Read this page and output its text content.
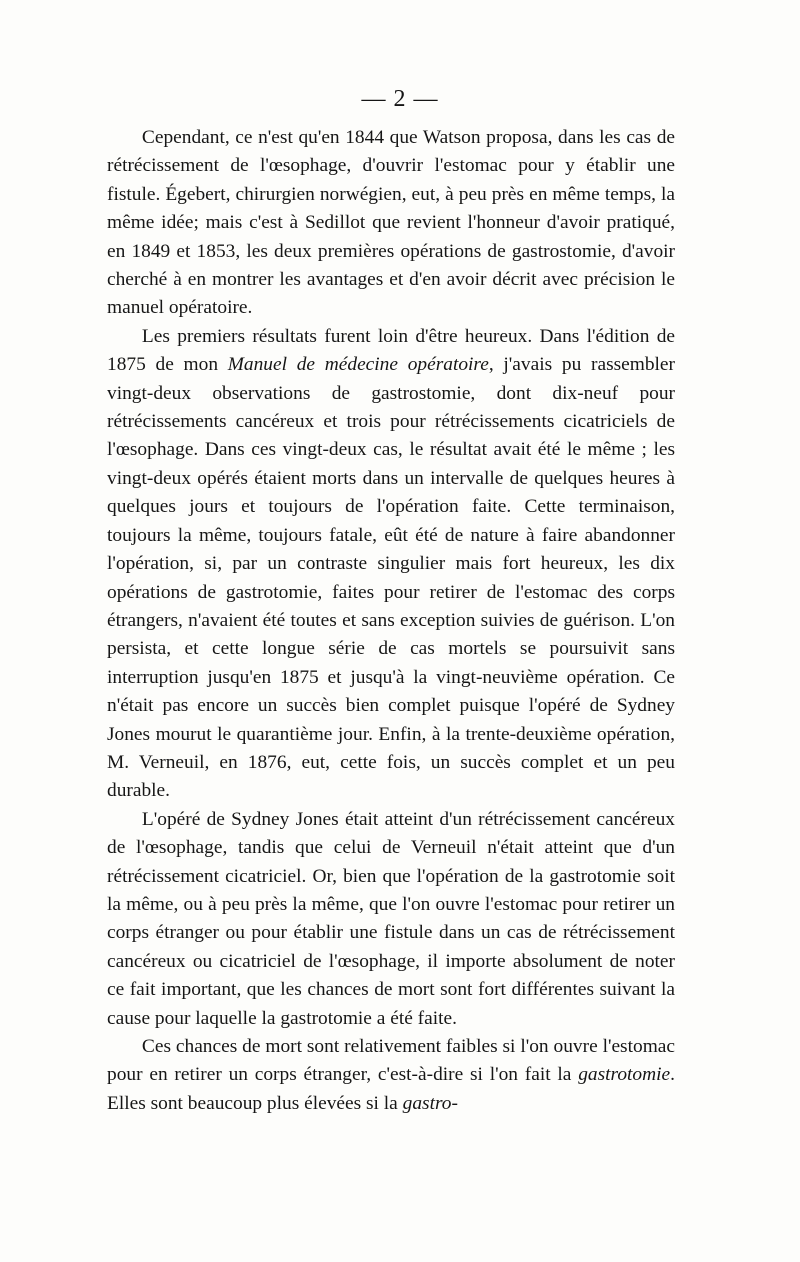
— 2 —

Cependant, ce n'est qu'en 1844 que Watson proposa, dans les cas de rétrécissement de l'œsophage, d'ouvrir l'estomac pour y établir une fistule. Égebert, chirurgien norwégien, eut, à peu près en même temps, la même idée; mais c'est à Sedillot que revient l'honneur d'avoir pratiqué, en 1849 et 1853, les deux premières opérations de gastrostomie, d'avoir cherché à en montrer les avantages et d'en avoir décrit avec précision le manuel opératoire.

Les premiers résultats furent loin d'être heureux. Dans l'édition de 1875 de mon Manuel de médecine opératoire, j'avais pu rassembler vingt-deux observations de gastrostomie, dont dix-neuf pour rétrécissements cancéreux et trois pour rétrécissements cicatriciels de l'œsophage. Dans ces vingt-deux cas, le résultat avait été le même ; les vingt-deux opérés étaient morts dans un intervalle de quelques heures à quelques jours et toujours de l'opération faite. Cette terminaison, toujours la même, toujours fatale, eût été de nature à faire abandonner l'opération, si, par un contraste singulier mais fort heureux, les dix opérations de gastrotomie, faites pour retirer de l'estomac des corps étrangers, n'avaient été toutes et sans exception suivies de guérison. L'on persista, et cette longue série de cas mortels se poursuivit sans interruption jusqu'en 1875 et jusqu'à la vingt-neuvième opération. Ce n'était pas encore un succès bien complet puisque l'opéré de Sydney Jones mourut le quarantième jour. Enfin, à la trente-deuxième opération, M. Verneuil, en 1876, eut, cette fois, un succès complet et un peu durable.

L'opéré de Sydney Jones était atteint d'un rétrécissement cancéreux de l'œsophage, tandis que celui de Verneuil n'était atteint que d'un rétrécissement cicatriciel. Or, bien que l'opération de la gastrotomie soit la même, ou à peu près la même, que l'on ouvre l'estomac pour retirer un corps étranger ou pour établir une fistule dans un cas de rétrécissement cancéreux ou cicatriciel de l'œsophage, il importe absolument de noter ce fait important, que les chances de mort sont fort différentes suivant la cause pour laquelle la gastrotomie a été faite.

Ces chances de mort sont relativement faibles si l'on ouvre l'estomac pour en retirer un corps étranger, c'est-à-dire si l'on fait la gastrotomie. Elles sont beaucoup plus élevées si la gastro-
